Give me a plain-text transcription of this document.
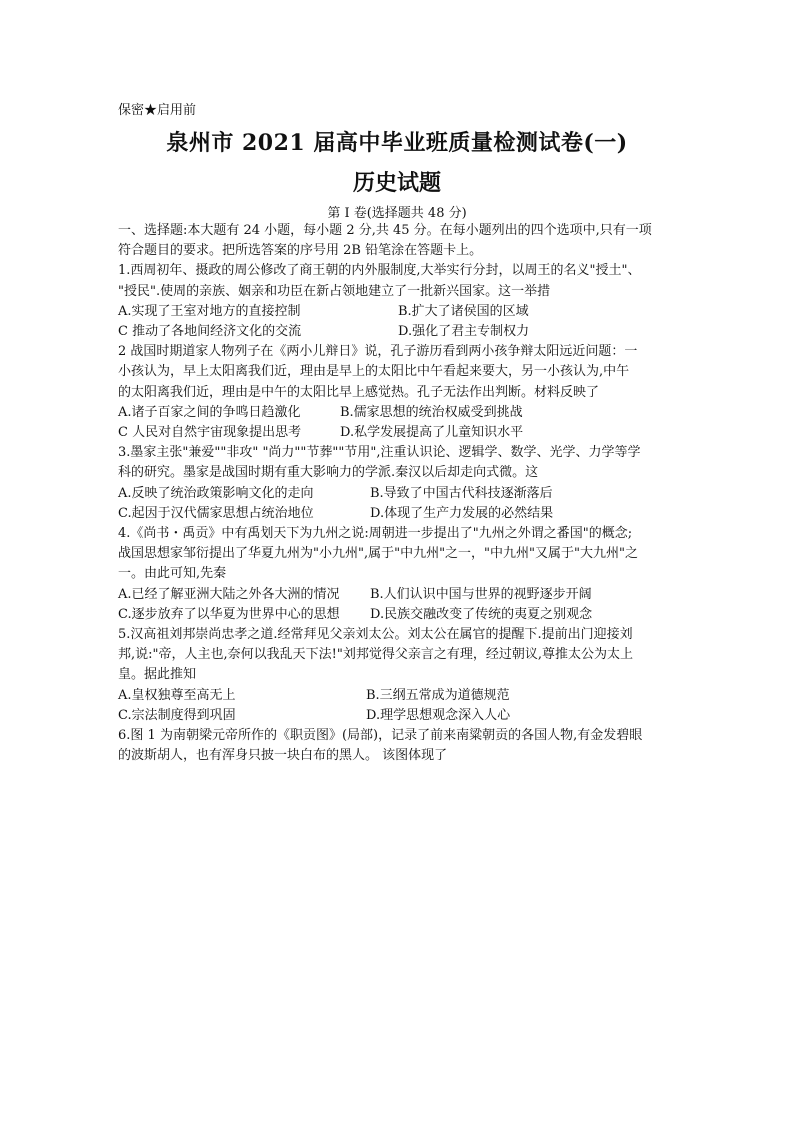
保密★启用前
泉州市 2021 届高中毕业班质量检测试卷(一)
历史试题
第 I 卷(选择题共 48 分)

一、选择题:本大题有 24 小题，每小题 2 分,共 45 分。在每小题列出的四个选项中,只有一项
符合题目的要求。把所选答案的序号用 2B 铅笔涂在答题卡上。

1.西周初年、摄政的周公修改了商王朝的内外服制度,大举实行分封，以周王的名义"授土"、
"授民".使周的亲族、姻亲和功臣在新占领地建立了一批新兴国家。这一举措

A.实现了王室对地方的直接控制	B.扩大了诸侯国的区域
C 推动了各地间经济文化的交流	D.强化了君主专制权力

2 战国时期道家人物列子在《两小儿辩日》说，孔子游历看到两小孩争辩太阳远近问题：一
小孩认为，早上太阳离我们近，理由是早上的太阳比中午看起来要大，另一小孩认为,中午
的太阳离我们近，理由是中午的太阳比早上感觉热。孔子无法作出判断。材料反映了

A.诸子百家之间的争鸣日趋激化	B.儒家思想的统治权威受到挑战
C 人民对自然宇宙现象提出思考	D.私学发展提高了儿童知识水平

3.墨家主张"兼爱""非攻" "尚力""节葬""节用",注重认识论、逻辑学、数学、光学、力学等学
科的研究。墨家是战国时期有重大影响力的学派.秦汉以后却走向式微。这

A.反映了统治政策影响文化的走向	B.导致了中国古代科技逐渐落后
C.起因于汉代儒家思想占统治地位	D.体现了生产力发展的必然结果

4.《尚书・禹贡》中有禹划天下为九州之说:周朝进一步提出了"九州之外谓之番国"的概念;
战国思想家邹衍提出了华夏九州为"小九州",属于"中九州"之一，"中九州"又属于"大九州"之
一。由此可知,先秦

A.已经了解亚洲大陆之外各大洲的情况	B.人们认识中国与世界的视野逐步开阔
C.逐步放弃了以华夏为世界中心的思想	D.民族交融改变了传统的夷夏之别观念

5.汉高祖刘邦崇尚忠孝之道.经常拜见父亲刘太公。刘太公在属官的提醒下.提前出门迎接刘
邦,说:"帝，人主也,奈何以我乱天下法!"刘邦觉得父亲言之有理，经过朝议,尊推太公为太上
皇。据此推知

A.皇权独尊至高无上	B.三纲五常成为道德规范
C.宗法制度得到巩固	D.理学思想观念深入人心

6.图 1 为南朝梁元帝所作的《职贡图》(局部)，记录了前来南粱朝贡的各国人物,有金发碧眼
的波斯胡人，也有浑身只披一块白布的黑人。 该图体现了
